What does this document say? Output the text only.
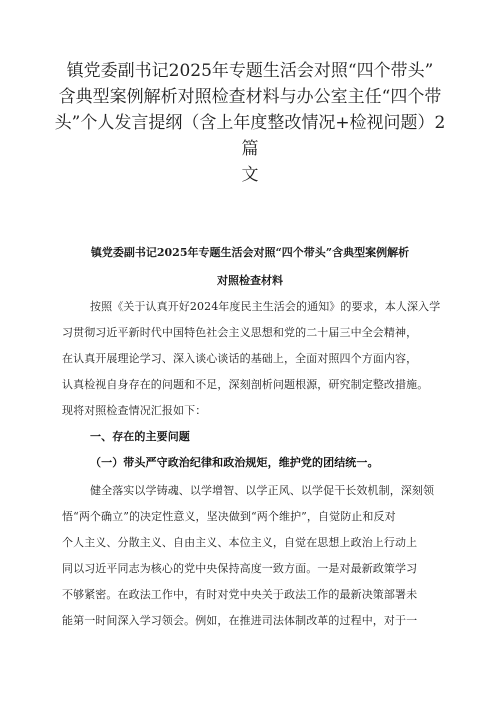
镇党委副书记2025年专题生活会对照“四个带头”
含典型案例解析对照检查材料与办公室主任“四个带
头”个人发言提纲（含上年度整改情况+检视问题）2
篇
文
镇党委副书记2025年专题生活会对照“四个带头”含典型案例解析
对照检查材料
按照《关于认真开好2024年度民主生活会的通知》的要求，本人深入学
习贯彻习近平新时代中国特色社会主义思想和党的二十届三中全会精神，
在认真开展理论学习、深入谈心谈话的基础上，全面对照四个方面内容，
认真检视自身存在的问题和不足，深刻剖析问题根源，研究制定整改措施。
现将对照检查情况汇报如下：
一、存在的主要问题
（一）带头严守政治纪律和政治规矩，维护党的团结统一。
健全落实以学铸魂、以学增智、以学正风、以学促干长效机制，深刻领
悟“两个确立”的决定性意义，坚决做到“两个维护”，自觉防止和反对
个人主义、分散主义、自由主义、本位主义，自觉在思想上政治上行动上
同以习近平同志为核心的党中央保持高度一致方面。一是对最新政策学习
不够紧密。在政法工作中，有时对党中央关于政法工作的最新决策部署未
能第一时间深入学习领会。例如，在推进司法体制改革的过程中，对于一
